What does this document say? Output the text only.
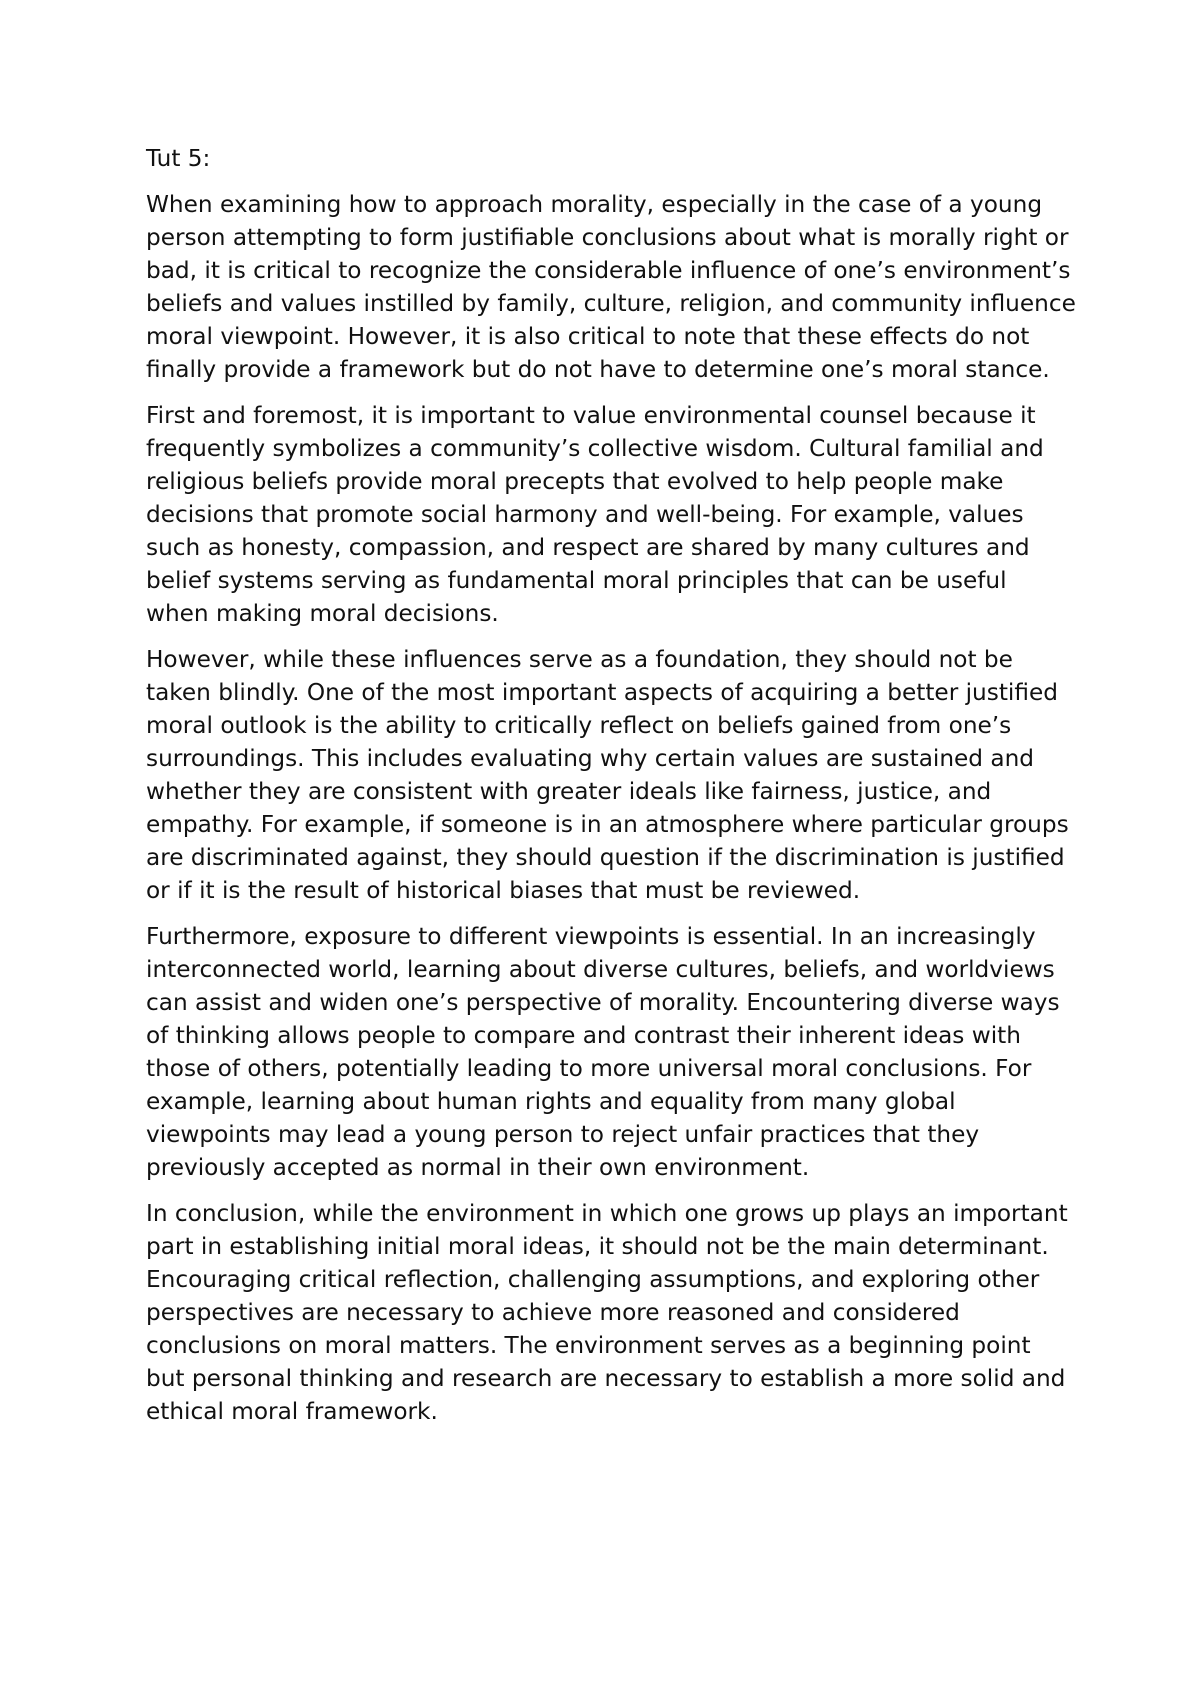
Tut 5:

When examining how to approach morality, especially in the case of a young person attempting to form justifiable conclusions about what is morally right or bad, it is critical to recognize the considerable influence of one’s environment’s beliefs and values instilled by family, culture, religion, and community influence moral viewpoint. However, it is also critical to note that these effects do not finally provide a framework but do not have to determine one’s moral stance.

First and foremost, it is important to value environmental counsel because it frequently symbolizes a community’s collective wisdom. Cultural familial and religious beliefs provide moral precepts that evolved to help people make decisions that promote social harmony and well-being. For example, values such as honesty, compassion, and respect are shared by many cultures and belief systems serving as fundamental moral principles that can be useful when making moral decisions.

However, while these influences serve as a foundation, they should not be taken blindly. One of the most important aspects of acquiring a better justified moral outlook is the ability to critically reflect on beliefs gained from one’s surroundings. This includes evaluating why certain values are sustained and whether they are consistent with greater ideals like fairness, justice, and empathy. For example, if someone is in an atmosphere where particular groups are discriminated against, they should question if the discrimination is justified or if it is the result of historical biases that must be reviewed.

Furthermore, exposure to different viewpoints is essential. In an increasingly interconnected world, learning about diverse cultures, beliefs, and worldviews can assist and widen one’s perspective of morality. Encountering diverse ways of thinking allows people to compare and contrast their inherent ideas with those of others, potentially leading to more universal moral conclusions. For example, learning about human rights and equality from many global viewpoints may lead a young person to reject unfair practices that they previously accepted as normal in their own environment.

In conclusion, while the environment in which one grows up plays an important part in establishing initial moral ideas, it should not be the main determinant. Encouraging critical reflection, challenging assumptions, and exploring other perspectives are necessary to achieve more reasoned and considered conclusions on moral matters. The environment serves as a beginning point but personal thinking and research are necessary to establish a more solid and ethical moral framework.
